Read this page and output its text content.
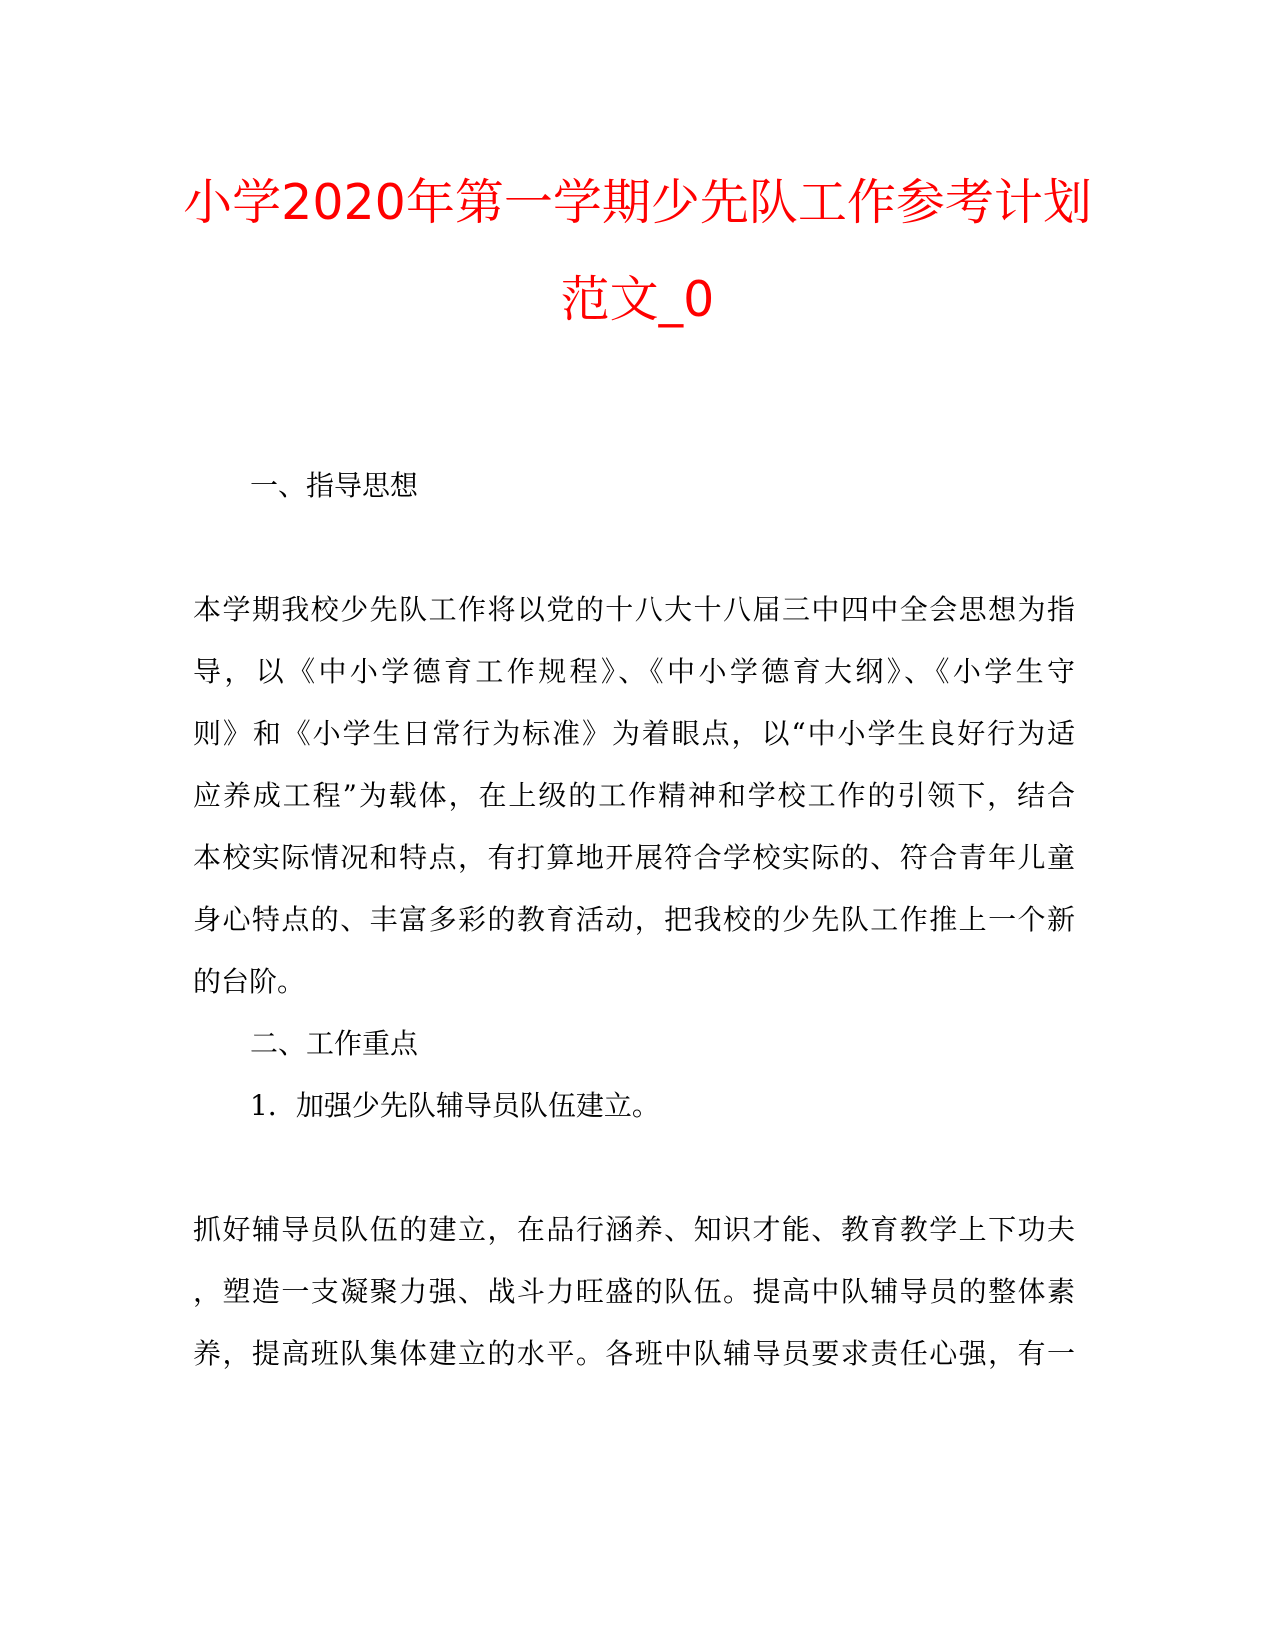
小学2020年第一学期少先队工作参考计划
范文_0

一、指导思想

本学期我校少先队工作将以党的十八大十八届三中四中全会思想为指

导，以《中小学德育工作规程》、《中小学德育大纲》、《小学生守

则》和《小学生日常行为标准》为着眼点，以“中小学生良好行为适

应养成工程”为载体，在上级的工作精神和学校工作的引领下，结合

本校实际情况和特点，有打算地开展符合学校实际的、符合青年儿童

身心特点的、丰富多彩的教育活动，把我校的少先队工作推上一个新

的台阶。

二、工作重点

1．加强少先队辅导员队伍建立。

抓好辅导员队伍的建立，在品行涵养、知识才能、教育教学上下功夫

，塑造一支凝聚力强、战斗力旺盛的队伍。提高中队辅导员的整体素

养，提高班队集体建立的水平。各班中队辅导员要求责任心强，有一
